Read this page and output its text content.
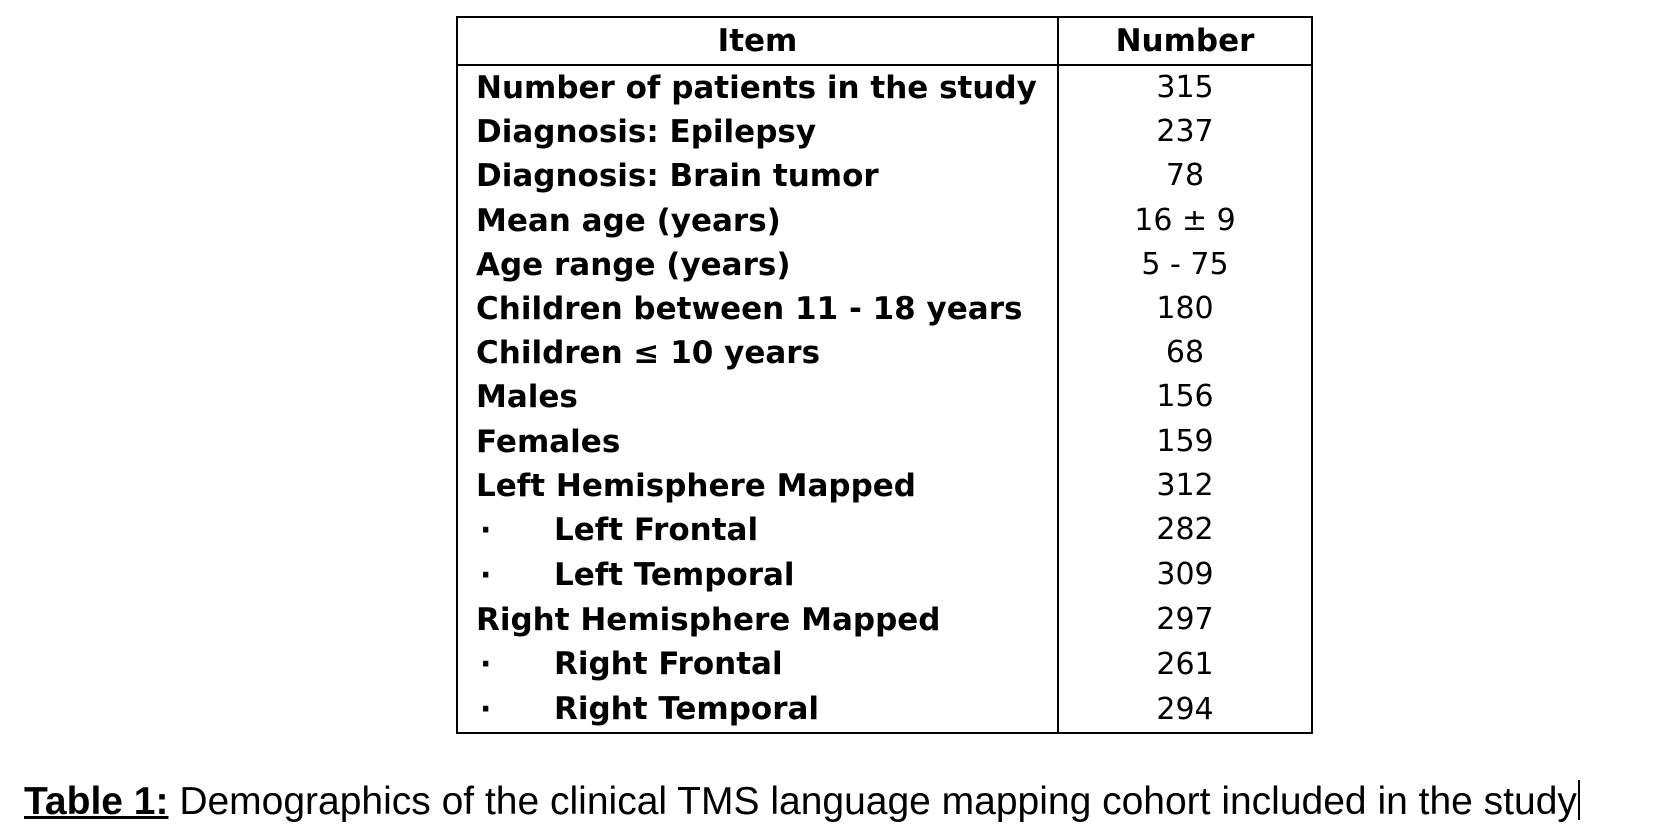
Item	Number
Number of patients in the study	315
Diagnosis: Epilepsy	237
Diagnosis: Brain tumor	78
Mean age (years)	16 ± 9
Age range (years)	5 - 75
Children between 11 - 18 years	180
Children ≤ 10 years	68
Males	156
Females	159
Left Hemisphere Mapped	312
· Left Frontal	282
· Left Temporal	309
Right Hemisphere Mapped	297
· Right Frontal	261
· Right Temporal	294
Table 1: Demographics of the clinical TMS language mapping cohort included in the study
